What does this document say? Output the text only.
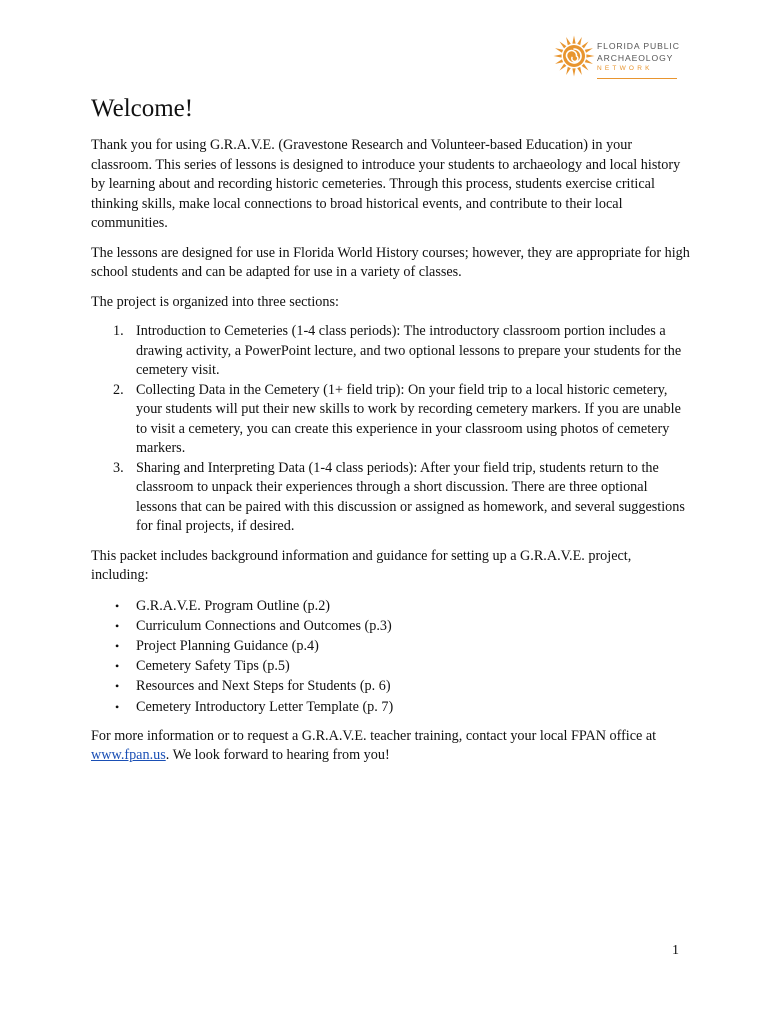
FLORIDA PUBLIC
ARCHAEOLOGY
NETWORK
Welcome!

Thank you for using G.R.A.V.E. (Gravestone Research and Volunteer-based Education) in your classroom. This series of lessons is designed to introduce your students to archaeology and local history by learning about and recording historic cemeteries. Through this process, students exercise critical thinking skills, make local connections to broad historical events, and contribute to their local communities.

The lessons are designed for use in Florida World History courses; however, they are appropriate for high school students and can be adapted for use in a variety of classes.

The project is organized into three sections:

1. Introduction to Cemeteries (1-4 class periods): The introductory classroom portion includes a drawing activity, a PowerPoint lecture, and two optional lessons to prepare your students for the cemetery visit.
2. Collecting Data in the Cemetery (1+ field trip): On your field trip to a local historic cemetery, your students will put their new skills to work by recording cemetery markers. If you are unable to visit a cemetery, you can create this experience in your classroom using photos of cemetery markers.
3. Sharing and Interpreting Data (1-4 class periods): After your field trip, students return to the classroom to unpack their experiences through a short discussion. There are three optional lessons that can be paired with this discussion or assigned as homework, and several suggestions for final projects, if desired.

This packet includes background information and guidance for setting up a G.R.A.V.E. project, including:

• G.R.A.V.E. Program Outline (p.2)
• Curriculum Connections and Outcomes (p.3)
• Project Planning Guidance (p.4)
• Cemetery Safety Tips (p.5)
• Resources and Next Steps for Students (p. 6)
• Cemetery Introductory Letter Template (p. 7)

For more information or to request a G.R.A.V.E. teacher training, contact your local FPAN office at www.fpan.us. We look forward to hearing from you!

1
